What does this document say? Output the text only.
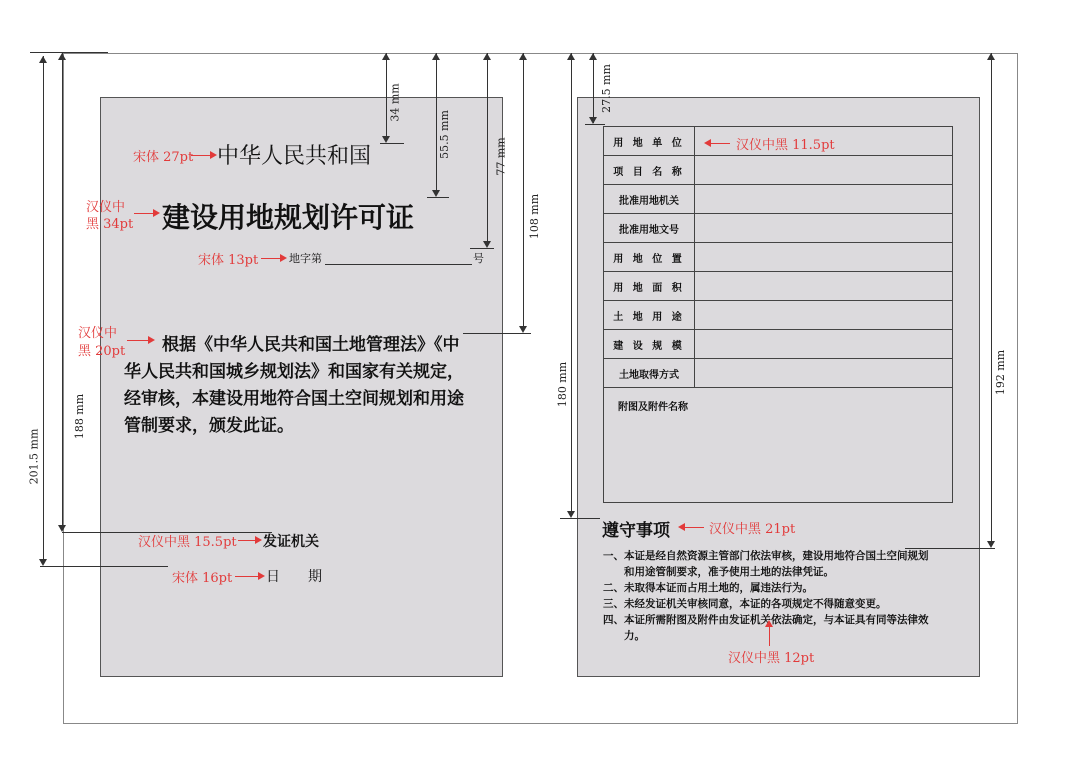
中华人民共和国
建设用地规划许可证
地字第	号
根据《中华人民共和国土地管理法》《中
华人民共和国城乡规划法》和国家有关规定，
经审核，本建设用地符合国土空间规划和用途
管制要求，颁发此证。
发证机关
日　　期
宋体 27pt
汉仪中
黑 34pt
宋体 13pt
汉仪中
黑 20pt
汉仪中黑 15.5pt
宋体 16pt
34 mm
55.5 mm	77 mm
108 mm
188 mm
201.5 mm
用 地 单 位	
项 目 名 称	
批准用地机关	
批准用地文号	
用 地 位 置	
用 地 面 积	
土 地 用 途	
建 设 规 模	
土地取得方式	
附图及附件名称	
遵守事项
一、本证是经自然资源主管部门依法审核，建设用地符合国土空间规划
　　和用途管制要求，准予使用土地的法律凭证。
二、未取得本证而占用土地的，属违法行为。
三、未经发证机关审核同意，本证的各项规定不得随意变更。
四、本证所需附图及附件由发证机关依法确定，与本证具有同等法律效
　　力。
汉仪中黑 11.5pt
汉仪中黑 21pt
汉仪中黑 12pt
27.5 mm
180 mm	192 mm
